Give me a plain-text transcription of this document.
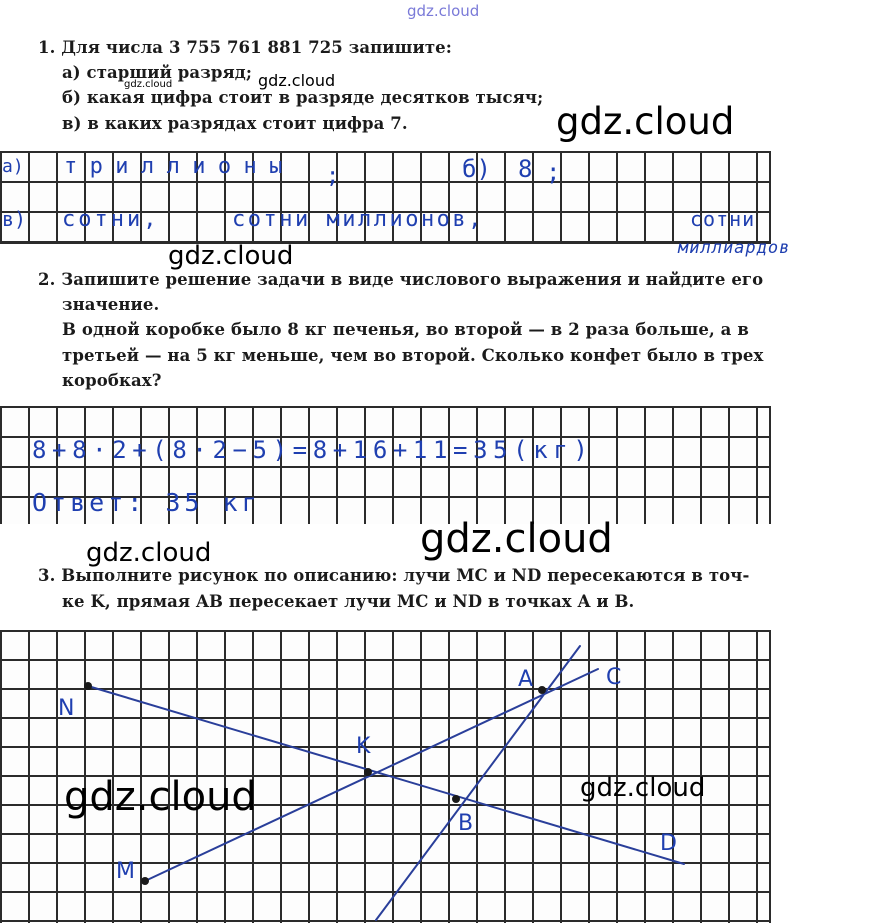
gdz.cloud
1. Для числа 3 755 761 881 725 запишите:
а) старший разряд;
б) какая цифра стоит в разряде десятков тысяч;
в) в каких разрядах стоит цифра 7.
gdz.cloud	gdz.cloud
gdz.cloud
а) триллионы ;	б) 8 ;
в) сотни,	сотни миллионов,	сотни
миллиардов
gdz.cloud
2. Запишите решение задачи в виде числового выражения и найдите его
значение.
В одной коробке было 8 кг печенья, во второй — в 2 раза больше, а в
третьей — на 5 кг меньше, чем во второй. Сколько конфет было в трех
коробках?
8+8·2+(8·2−5)=8+16+11=35(кг)
Ответ: 35 кг
gdz.cloud	gdz.cloud
3. Выполните рисунок по описанию: лучи MC и ND пересекаются в точ-
ке K, прямая AB пересекает лучи MC и ND в точках A и B.
N
M
K
A
B
C
D
gdz.cloud	gdz.cloud
